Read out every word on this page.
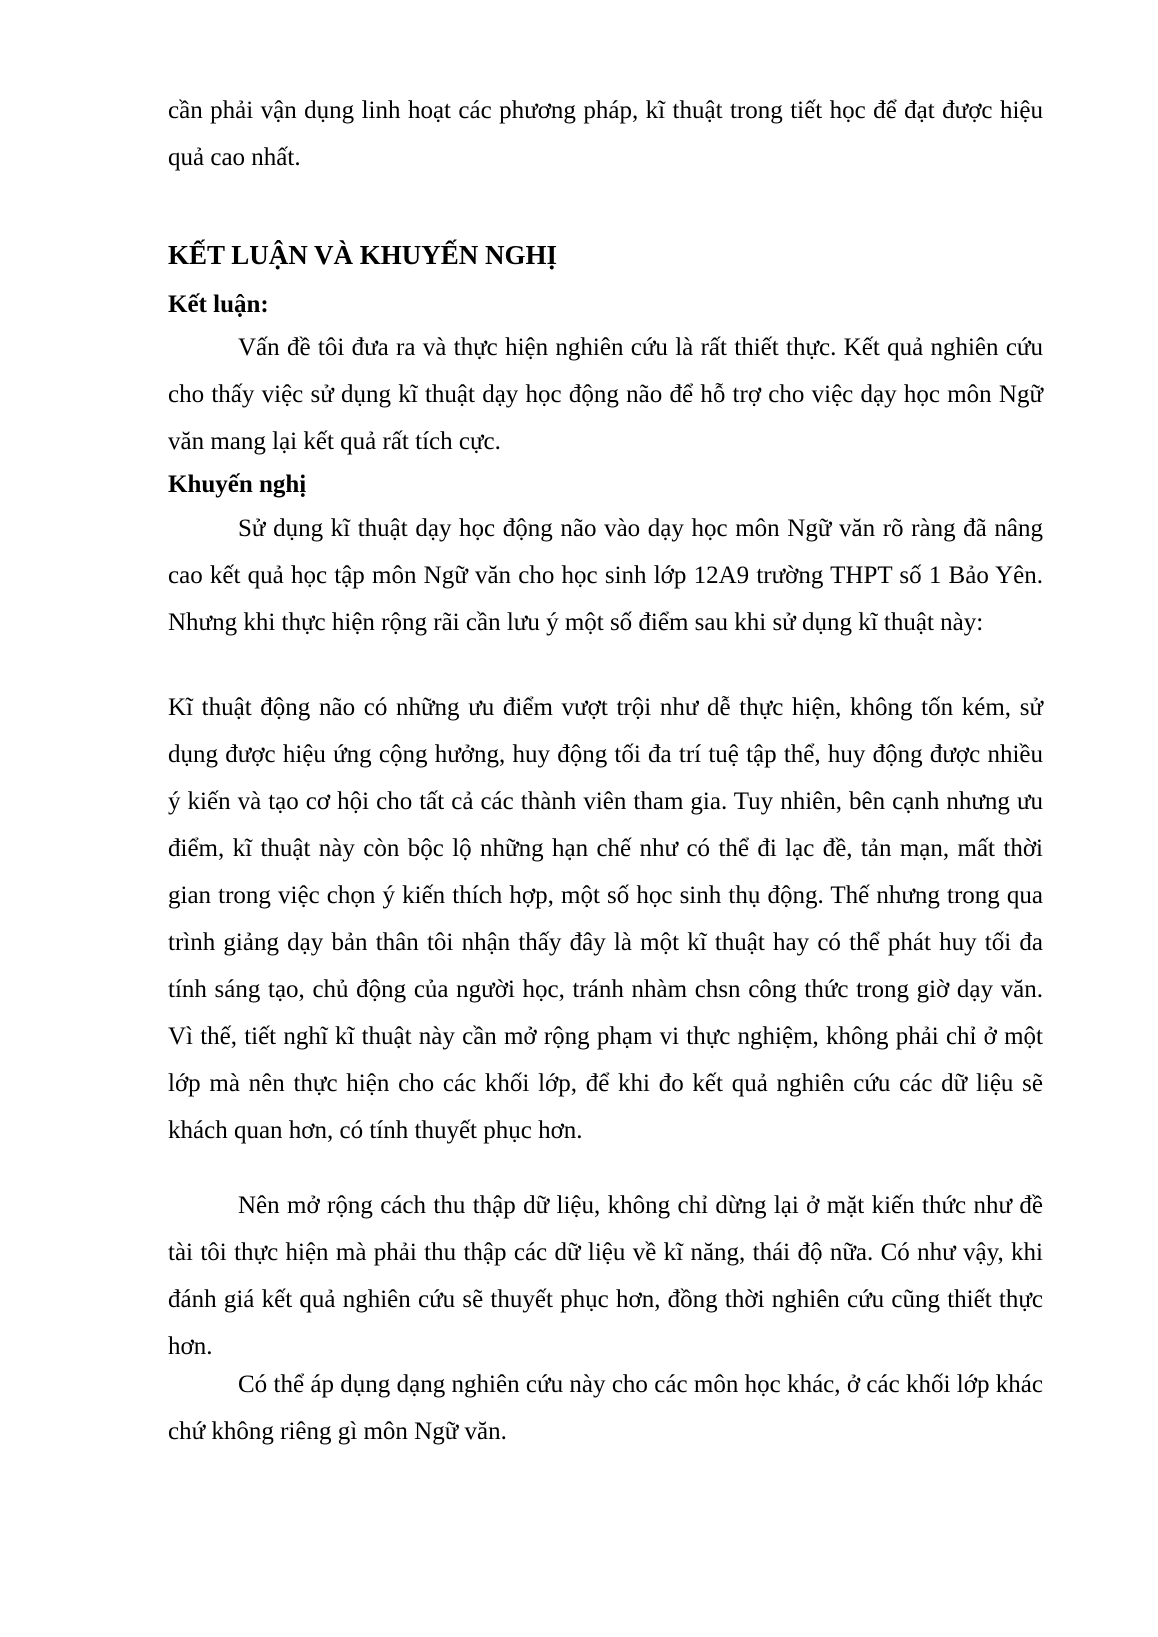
cần phải vận dụng linh hoạt các phương pháp, kĩ thuật trong tiết học để đạt được hiệu quả cao nhất.

KẾT LUẬN VÀ KHUYẾN NGHỊ
Kết luận:

Vấn đề tôi đưa ra và thực hiện nghiên cứu là rất thiết thực. Kết quả nghiên cứu cho thấy việc sử dụng kĩ thuật dạy học động não để hỗ trợ cho việc dạy học môn Ngữ văn mang lại kết quả rất tích cực.

Khuyến nghị

Sử dụng kĩ thuật dạy học động não vào dạy học môn Ngữ văn rõ ràng đã nâng cao kết quả học tập môn Ngữ văn cho học sinh lớp 12A9 trường THPT số 1 Bảo Yên. Nhưng khi thực hiện rộng rãi cần lưu ý một số điểm sau khi sử dụng kĩ thuật này:

Kĩ thuật động não có những ưu điểm vượt trội như dễ thực hiện, không tốn kém, sử dụng được hiệu ứng cộng hưởng, huy động tối đa trí tuệ tập thể, huy động được nhiều ý kiến và tạo cơ hội cho tất cả các thành viên tham gia. Tuy nhiên, bên cạnh nhưng ưu điểm, kĩ thuật này còn bộc lộ những hạn chế như có thể đi lạc đề, tản mạn, mất thời gian trong việc chọn ý kiến thích hợp, một số học sinh thụ động. Thế nhưng trong qua trình giảng dạy bản thân tôi nhận thấy đây là một kĩ thuật hay có thể phát huy tối đa tính sáng tạo, chủ động của người học, tránh nhàm chsn công thức trong giờ dạy văn. Vì thế, tiết nghĩ kĩ thuật này cần mở rộng phạm vi thực nghiệm, không phải chỉ ở một lớp mà nên thực hiện cho các khối lớp, để khi đo kết quả nghiên cứu các dữ liệu sẽ khách quan hơn, có tính thuyết phục hơn.

Nên mở rộng cách thu thập dữ liệu, không chỉ dừng lại ở mặt kiến thức như đề tài tôi thực hiện mà phải thu thập các dữ liệu về kĩ năng, thái độ nữa. Có như vậy, khi đánh giá kết quả nghiên cứu sẽ thuyết phục hơn, đồng thời nghiên cứu cũng thiết thực hơn.

Có thể áp dụng dạng nghiên cứu này cho các môn học khác, ở các khối lớp khác chứ không riêng gì môn Ngữ văn.
